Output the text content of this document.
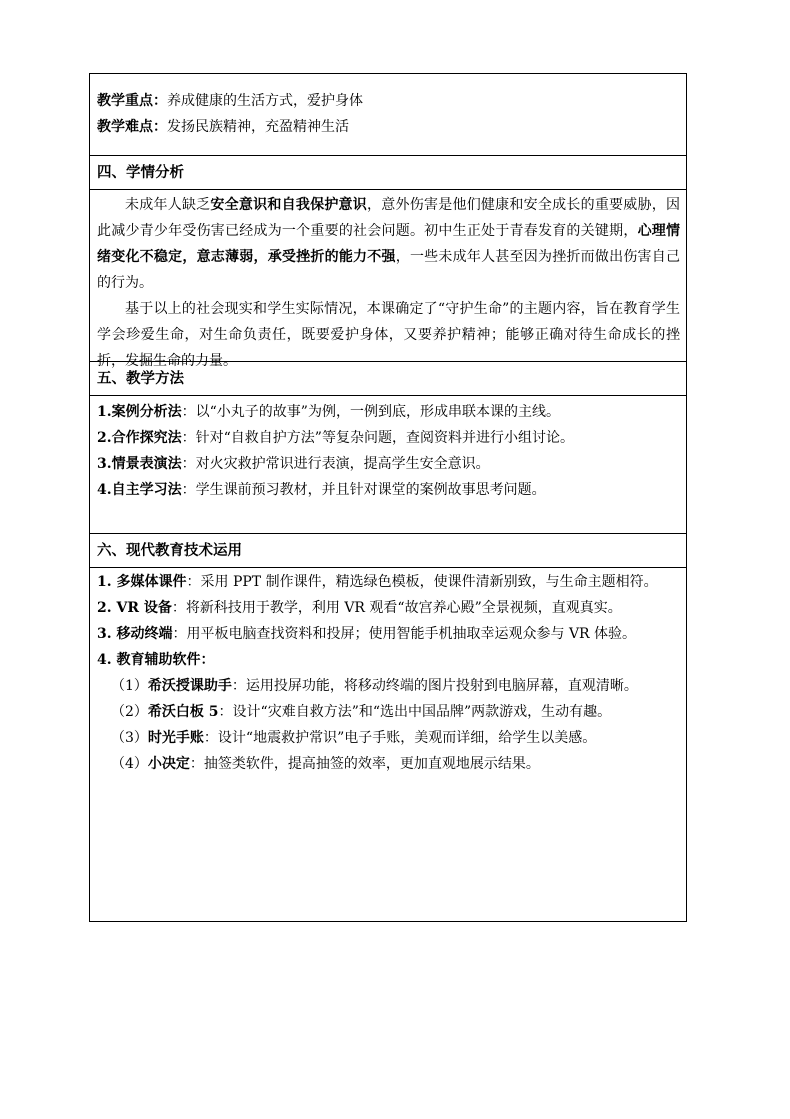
教学重点：养成健康的生活方式，爱护身体
教学难点：发扬民族精神，充盈精神生活
四、学情分析
未成年人缺乏安全意识和自我保护意识，意外伤害是他们健康和安全成长的重要威胁，因此减少青少年受伤害已经成为一个重要的社会问题。初中生正处于青春发育的关键期，心理情绪变化不稳定，意志薄弱，承受挫折的能力不强，一些未成年人甚至因为挫折而做出伤害自己的行为。
基于以上的社会现实和学生实际情况，本课确定了“守护生命”的主题内容，旨在教育学生学会珍爱生命，对生命负责任，既要爱护身体，又要养护精神；能够正确对待生命成长的挫折，发掘生命的力量。
五、教学方法
1.案例分析法：以“小丸子的故事”为例，一例到底，形成串联本课的主线。
2.合作探究法：针对“自救自护方法”等复杂问题，查阅资料并进行小组讨论。
3.情景表演法：对火灾救护常识进行表演，提高学生安全意识。
4.自主学习法：学生课前预习教材，并且针对课堂的案例故事思考问题。
六、现代教育技术运用
1. 多媒体课件：采用 PPT 制作课件，精选绿色模板，使课件清新别致，与生命主题相符。
2. VR 设备：将新科技用于教学，利用 VR 观看“故宫养心殿”全景视频，直观真实。
3. 移动终端：用平板电脑查找资料和投屏；使用智能手机抽取幸运观众参与 VR 体验。
4. 教育辅助软件：
（1）希沃授课助手：运用投屏功能，将移动终端的图片投射到电脑屏幕，直观清晰。
（2）希沃白板 5：设计“灾难自救方法”和“选出中国品牌”两款游戏，生动有趣。
（3）时光手账：设计“地震救护常识”电子手账，美观而详细，给学生以美感。
（4）小决定：抽签类软件，提高抽签的效率，更加直观地展示结果。
